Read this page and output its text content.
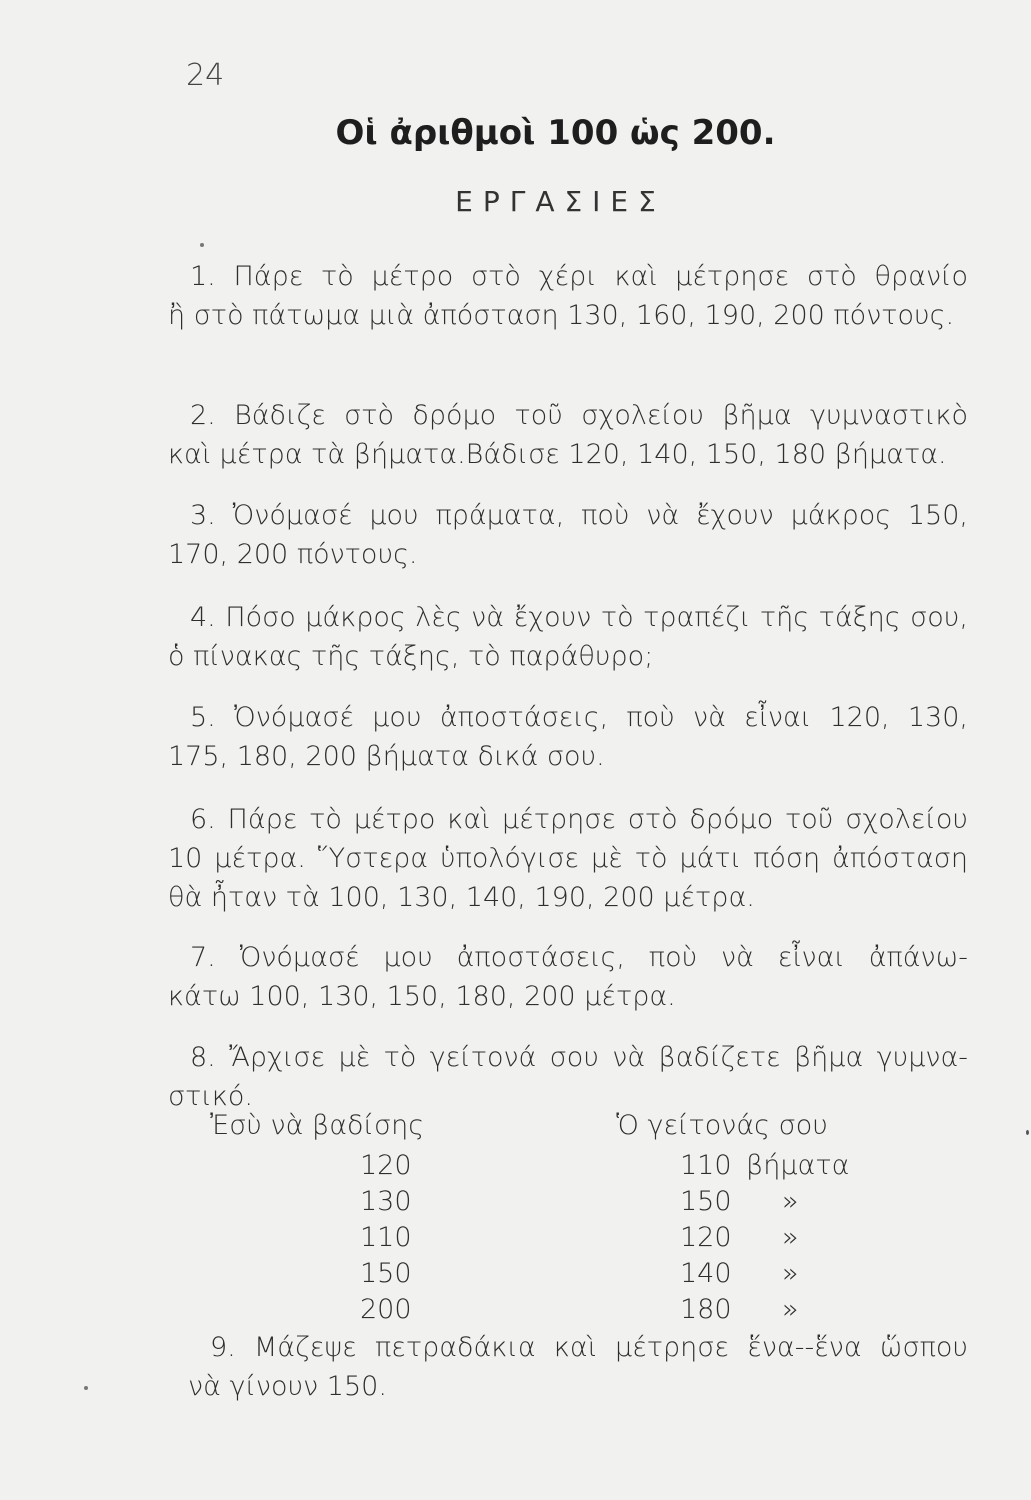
24
Οἱ ἀριθμοὶ 100 ὡς 200.
ΕΡΓΑΣΙΕΣ
1. Πάρε τὸ μέτρο στὸ χέρι καὶ μέτρησε στὸ θρανίο
ἢ στὸ πάτωμα μιὰ ἀπόσταση 130, 160, 190, 200 πόντους.
2. Βάδιζε στὸ δρόμο τοῦ σχολείου βῆμα γυμναστικὸ
καὶ μέτρα τὰ βήματα.Βάδισε 120, 140, 150, 180 βήματα.
3. Ὀνόμασέ μου πράματα, ποὺ νὰ ἔχουν μάκρος 150,
170, 200 πόντους.
4. Πόσο μάκρος λὲς νὰ ἔχουν τὸ τραπέζι τῆς τάξης σου,
ὁ πίνακας τῆς τάξης, τὸ παράθυρο;
5. Ὀνόμασέ μου ἀποστάσεις, ποὺ νὰ εἶναι 120, 130,
175, 180, 200 βήματα δικά σου.
6. Πάρε τὸ μέτρο καὶ μέτρησε στὸ δρόμο τοῦ σχολείου
10 μέτρα. Ὕστερα ὑπολόγισε μὲ τὸ μάτι πόση ἀπόσταση θὰ ἦταν τὰ 100, 130, 140, 190, 200 μέτρα.
7. Ὀνόμασέ μου ἀποστάσεις, ποὺ νὰ εἶναι ἀπάνω-
κάτω 100, 130, 150, 180, 200 μέτρα.
8. Ἄρχισε μὲ τὸ γείτονά σου νὰ βαδίζετε βῆμα γυμνα-
στικό.
Ἐσὺ νὰ βαδίσης	Ὁ γείτονάς σου
120	110 βήματα
130	150 »
110	120 »
150	140 »
200	180 »
9. Μάζεψε πετραδάκια καὶ μέτρησε ἕνα--ἕνα ὥσπου
νὰ γίνουν 150.
